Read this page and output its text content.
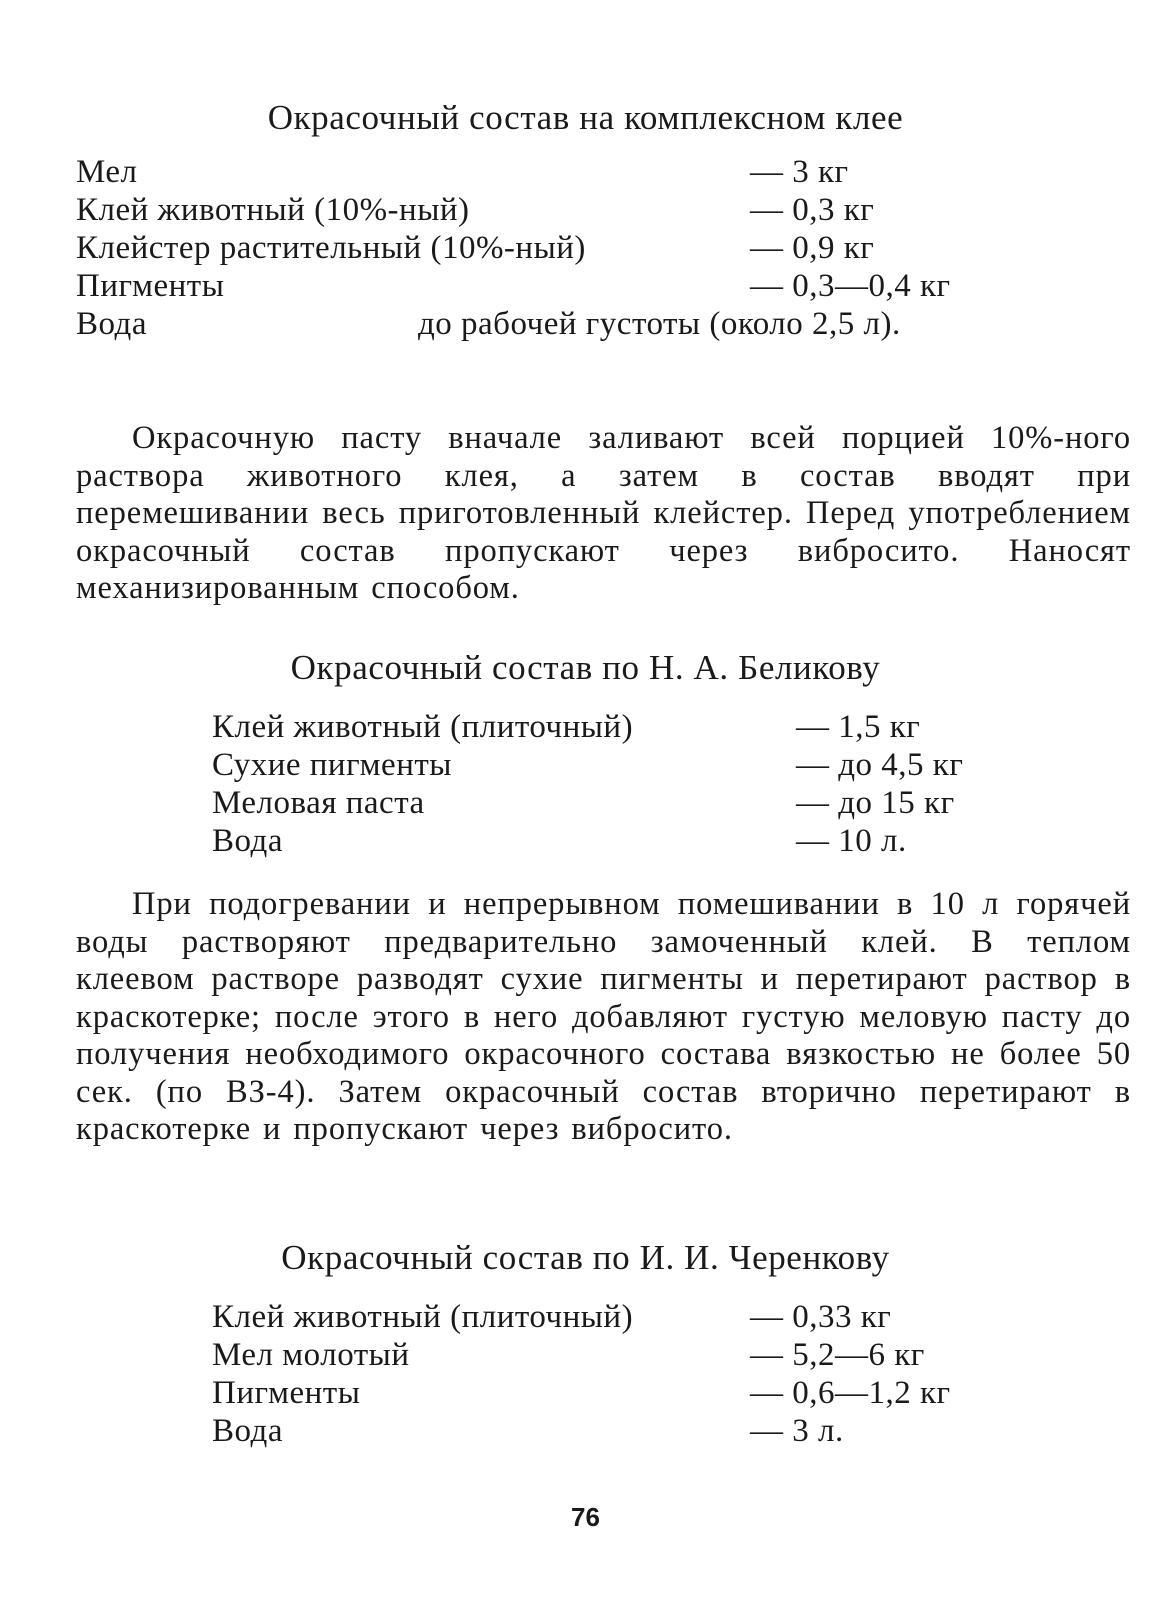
Окрасочный состав на комплексном клее
Мел	— 3 кг
Клей животный (10%-ный)	— 0,3 кг
Клейстер растительный (10%-ный)	— 0,9 кг
Пигменты	— 0,3—0,4 кг
Вода	до рабочей густоты (около 2,5 л).

Окрасочную пасту вначале заливают всей порцией 10%-ного раствора животного клея, а затем в состав вводят при перемешивании весь приготовленный клейстер. Перед употреблением окрасочный состав пропускают через вибросито. Наносят механизированным способом.

Окрасочный состав по Н. А. Беликову
Клей животный (плиточный)	— 1,5 кг
Сухие пигменты	— до 4,5 кг
Меловая паста	— до 15 кг
Вода	— 10 л.

При подогревании и непрерывном помешивании в 10 л горячей воды растворяют предварительно замоченный клей. В теплом клеевом растворе разводят сухие пигменты и перетирают раствор в краскотерке; после этого в него добавляют густую меловую пасту до получения необходимого окрасочного состава вязкостью не более 50 сек. (по ВЗ-4). Затем окрасочный состав вторично перетирают в краскотерке и пропускают через вибросито.

Окрасочный состав по И. И. Черенкову
Клей животный (плиточный)	— 0,33 кг
Мел молотый	— 5,2—6 кг
Пигменты	— 0,6—1,2 кг
Вода	— 3 л.
76
